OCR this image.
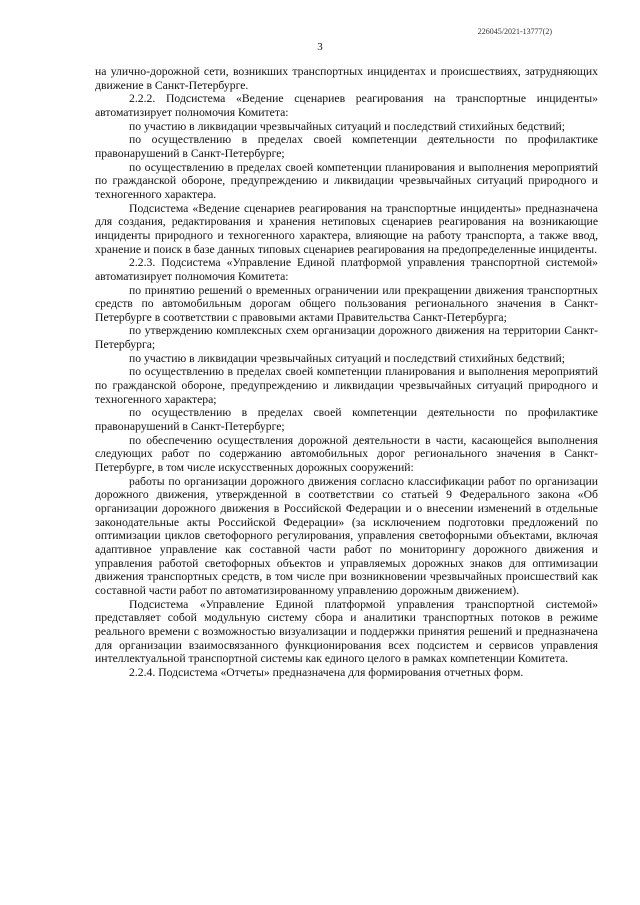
226045/2021-13777(2)
3

на улично-дорожной сети, возникших транспортных инцидентах и происшествиях, затрудняющих движение в Санкт-Петербурге.

2.2.2. Подсистема «Ведение сценариев реагирования на транспортные инциденты» автоматизирует полномочия Комитета:

по участию в ликвидации чрезвычайных ситуаций и последствий стихийных бедствий;

по осуществлению в пределах своей компетенции деятельности по профилактике правонарушений в Санкт-Петербурге;

по осуществлению в пределах своей компетенции планирования и выполнения мероприятий по гражданской обороне, предупреждению и ликвидации чрезвычайных ситуаций природного и техногенного характера.

Подсистема «Ведение сценариев реагирования на транспортные инциденты» предназначена для создания, редактирования и хранения нетиповых сценариев реагирования на возникающие инциденты природного и техногенного характера, влияющие на работу транспорта, а также ввод, хранение и поиск в базе данных типовых сценариев реагирования на предопределенные инциденты.

2.2.3. Подсистема «Управление Единой платформой управления транспортной системой» автоматизирует полномочия Комитета:

по принятию решений о временных ограничении или прекращении движения транспортных средств по автомобильным дорогам общего пользования регионального значения в Санкт-Петербурге в соответствии с правовыми актами Правительства Санкт-Петербурга;

по утверждению комплексных схем организации дорожного движения на территории Санкт-Петербурга;

по участию в ликвидации чрезвычайных ситуаций и последствий стихийных бедствий;

по осуществлению в пределах своей компетенции планирования и выполнения мероприятий по гражданской обороне, предупреждению и ликвидации чрезвычайных ситуаций природного и техногенного характера;

по осуществлению в пределах своей компетенции деятельности по профилактике правонарушений в Санкт-Петербурге;

по обеспечению осуществления дорожной деятельности в части, касающейся выполнения следующих работ по содержанию автомобильных дорог регионального значения в Санкт-Петербурге, в том числе искусственных дорожных сооружений:

работы по организации дорожного движения согласно классификации работ по организации дорожного движения, утвержденной в соответствии со статьей 9 Федерального закона «Об организации дорожного движения в Российской Федерации и о внесении изменений в отдельные законодательные акты Российской Федерации» (за исключением подготовки предложений по оптимизации циклов светофорного регулирования, управления светофорными объектами, включая адаптивное управление как составной части работ по мониторингу дорожного движения и управления работой светофорных объектов и управляемых дорожных знаков для оптимизации движения транспортных средств, в том числе при возникновении чрезвычайных происшествий как составной части работ по автоматизированному управлению дорожным движением).

Подсистема «Управление Единой платформой управления транспортной системой» представляет собой модульную систему сбора и аналитики транспортных потоков в режиме реального времени с возможностью визуализации и поддержки принятия решений и предназначена для организации взаимосвязанного функционирования всех подсистем и сервисов управления интеллектуальной транспортной системы как единого целого в рамках компетенции Комитета.

2.2.4. Подсистема «Отчеты» предназначена для формирования отчетных форм.
